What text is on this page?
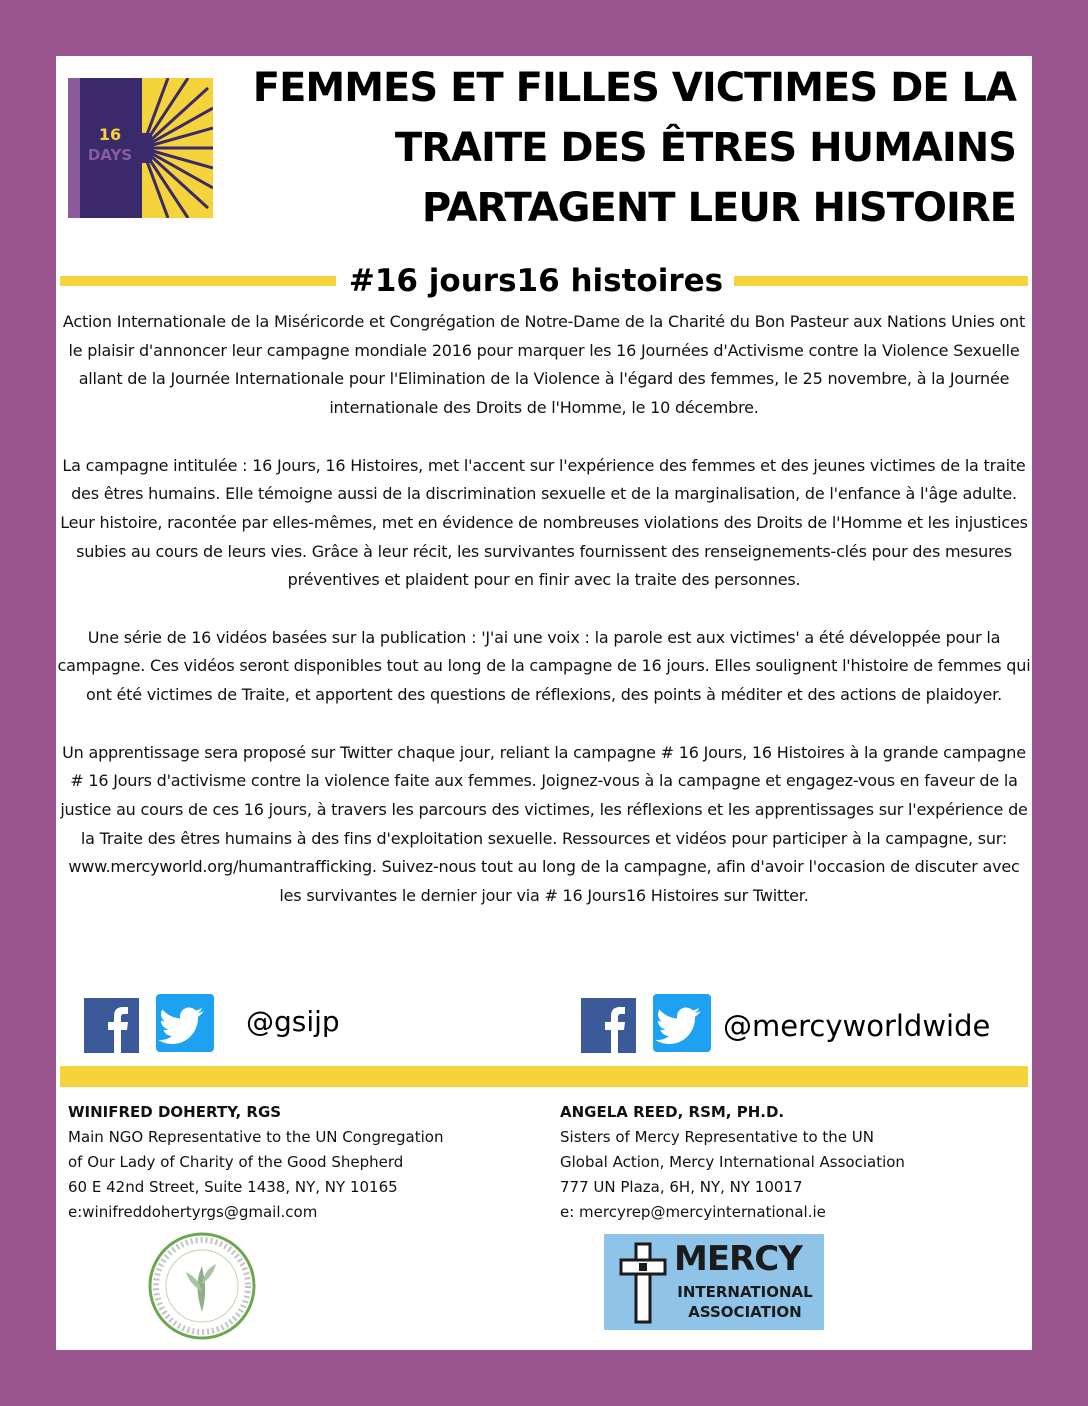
16
DAYS
FEMMES ET FILLES VICTIMES DE LA
TRAITE DES ÊTRES HUMAINS
PARTAGENT LEUR HISTOIRE
#16 jours16 histoires

Action Internationale de la Miséricorde et Congrégation de Notre-Dame de la Charité du Bon Pasteur aux Nations Unies ont le plaisir d'annoncer leur campagne mondiale 2016 pour marquer les 16 Journées d'Activisme contre la Violence Sexuelle allant de la Journée Internationale pour l'Elimination de la Violence à l'égard des femmes, le 25 novembre, à la Journée internationale des Droits de l'Homme, le 10 décembre.

La campagne intitulée : 16 Jours, 16 Histoires, met l'accent sur l'expérience des femmes et des jeunes victimes de la traite des êtres humains. Elle témoigne aussi de la discrimination sexuelle et de la marginalisation, de l'enfance à l'âge adulte. Leur histoire, racontée par elles-mêmes, met en évidence de nombreuses violations des Droits de l'Homme et les injustices subies au cours de leurs vies. Grâce à leur récit, les survivantes fournissent des renseignements-clés pour des mesures préventives et plaident pour en finir avec la traite des personnes.

Une série de 16 vidéos basées sur la publication : 'J'ai une voix : la parole est aux victimes' a été développée pour la campagne. Ces vidéos seront disponibles tout au long de la campagne de 16 jours. Elles soulignent l'histoire de femmes qui ont été victimes de Traite, et apportent des questions de réflexions, des points à méditer et des actions de plaidoyer.

Un apprentissage sera proposé sur Twitter chaque jour, reliant la campagne # 16 Jours, 16 Histoires à la grande campagne # 16 Jours d'activisme contre la violence faite aux femmes. Joignez-vous à la campagne et engagez-vous en faveur de la justice au cours de ces 16 jours, à travers les parcours des victimes, les réflexions et les apprentissages sur l'expérience de la Traite des êtres humains à des fins d'exploitation sexuelle. Ressources et vidéos pour participer à la campagne, sur: www.mercyworld.org/humantrafficking. Suivez-nous tout au long de la campagne, afin d'avoir l'occasion de discuter avec les survivantes le dernier jour via # 16 Jours16 Histoires sur Twitter.

@gsijp	@mercyworldwide
WINIFRED DOHERTY, RGS
Main NGO Representative to the UN Congregation
of Our Lady of Charity of the Good Shepherd
60 E 42nd Street, Suite 1438, NY, NY 10165
e:winifreddohertyrgs@gmail.com
ANGELA REED, RSM, PH.D.
Sisters of Mercy Representative to the UN
Global Action, Mercy International Association
777 UN Plaza, 6H, NY, NY 10017
e: mercyrep@mercyinternational.ie
MERCY
INTERNATIONAL
ASSOCIATION
